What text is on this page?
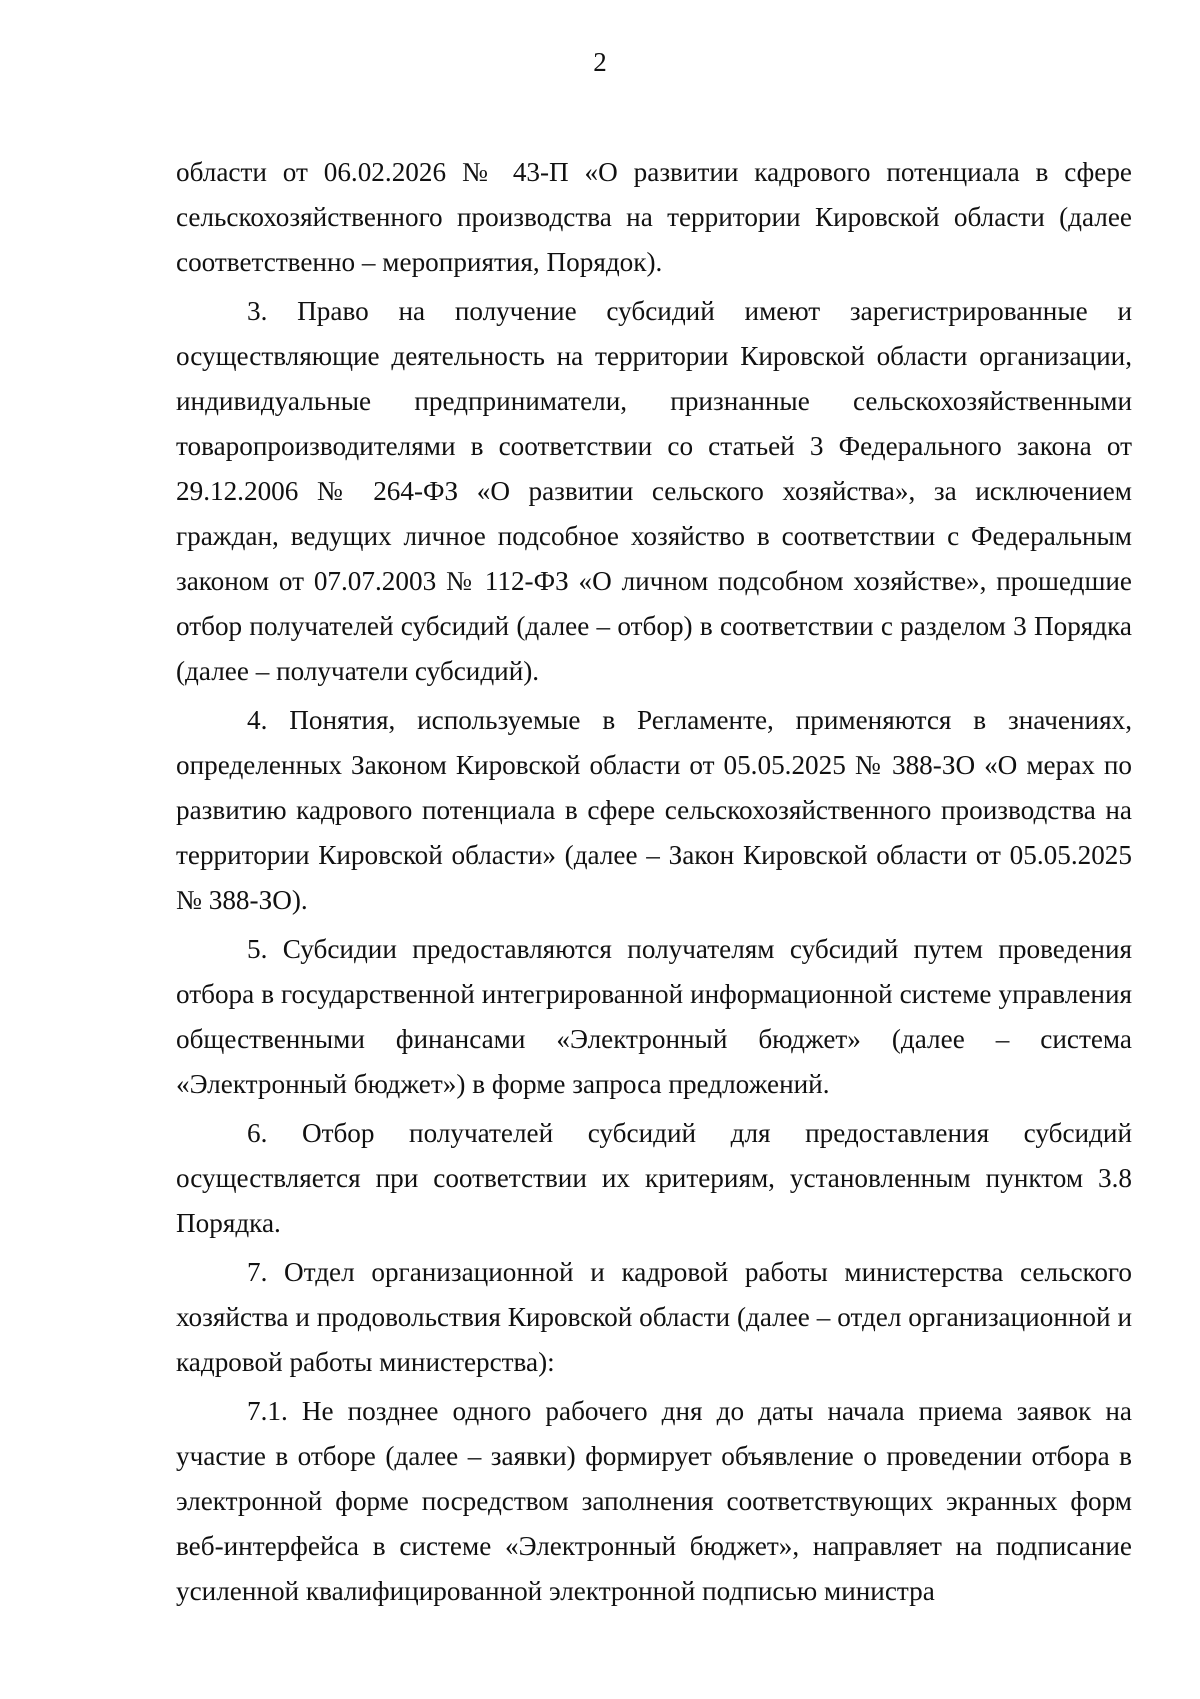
2

области от 06.02.2026 № 43-П «О развитии кадрового потенциала в сфере сельскохозяйственного производства на территории Кировской области (далее соответственно – мероприятия, Порядок).

3. Право на получение субсидий имеют зарегистрированные и осуществляющие деятельность на территории Кировской области организации, индивидуальные предприниматели, признанные сельскохозяйственными товаропроизводителями в соответствии со статьей 3 Федерального закона от 29.12.2006 № 264-ФЗ «О развитии сельского хозяйства», за исключением граждан, ведущих личное подсобное хозяйство в соответствии с Федеральным законом от 07.07.2003 № 112-ФЗ «О личном подсобном хозяйстве», прошедшие отбор получателей субсидий (далее – отбор) в соответствии с разделом 3 Порядка (далее – получатели субсидий).

4. Понятия, используемые в Регламенте, применяются в значениях, определенных Законом Кировской области от 05.05.2025 № 388-ЗО «О мерах по развитию кадрового потенциала в сфере сельскохозяйственного производства на территории Кировской области» (далее – Закон Кировской области от 05.05.2025 № 388-ЗО).

5. Субсидии предоставляются получателям субсидий путем проведения отбора в государственной интегрированной информационной системе управления общественными финансами «Электронный бюджет» (далее – система «Электронный бюджет») в форме запроса предложений.

6. Отбор получателей субсидий для предоставления субсидий осуществляется при соответствии их критериям, установленным пунктом 3.8 Порядка.

7. Отдел организационной и кадровой работы министерства сельского хозяйства и продовольствия Кировской области (далее – отдел организационной и кадровой работы министерства):

7.1. Не позднее одного рабочего дня до даты начала приема заявок на участие в отборе (далее – заявки) формирует объявление о проведении отбора в электронной форме посредством заполнения соответствующих экранных форм веб-интерфейса в системе «Электронный бюджет», направляет на подписание усиленной квалифицированной электронной подписью министра
